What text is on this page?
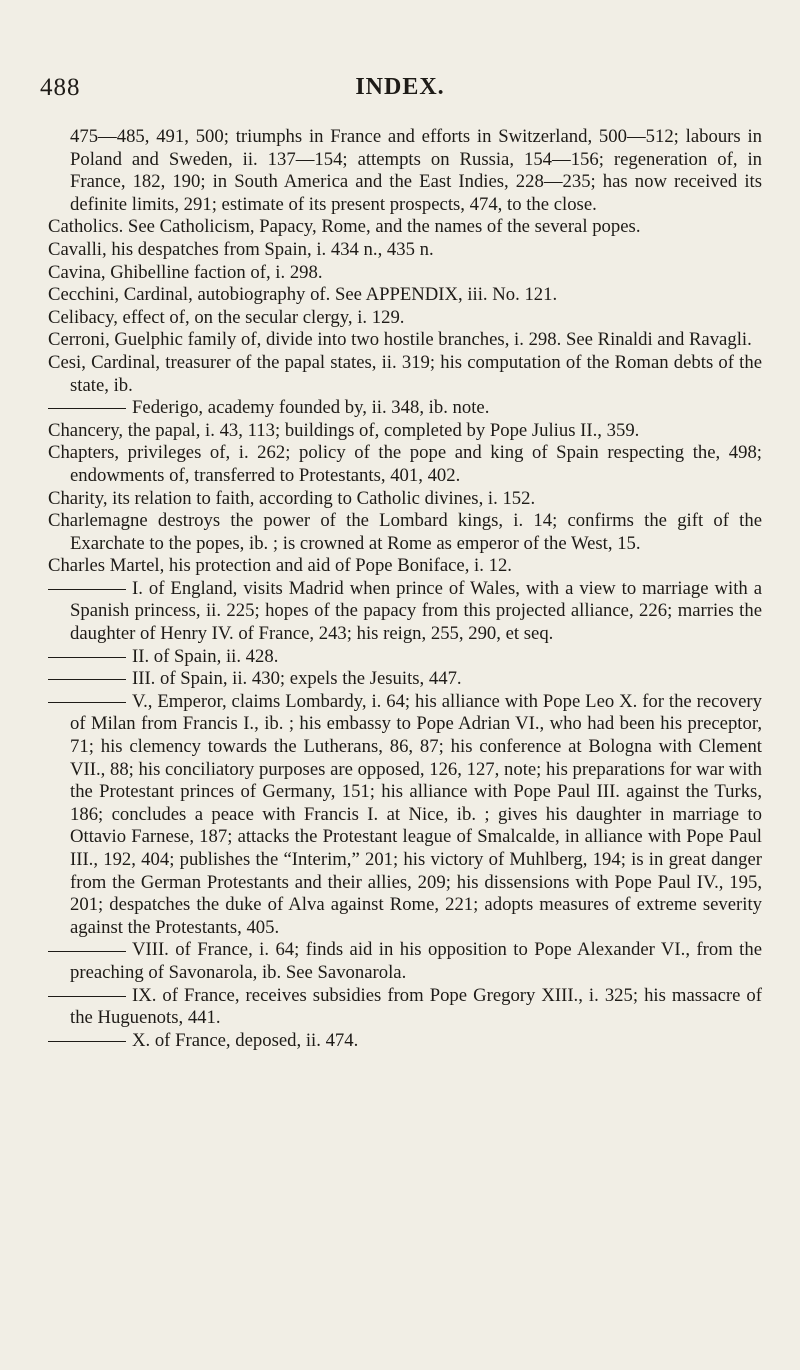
488	INDEX.
475—485, 491, 500; triumphs in France and efforts in Switzerland, 500—512; labours in Poland and Sweden, ii. 137—154; attempts on Russia, 154—156; regeneration of, in France, 182, 190; in South America and the East Indies, 228—235; has now received its definite limits, 291; estimate of its present prospects, 474, to the close.
Catholics. See Catholicism, Papacy, Rome, and the names of the several popes.
Cavalli, his despatches from Spain, i. 434 n., 435 n.
Cavina, Ghibelline faction of, i. 298.
Cecchini, Cardinal, autobiography of. See APPENDIX, iii. No. 121.
Celibacy, effect of, on the secular clergy, i. 129.
Cerroni, Guelphic family of, divide into two hostile branches, i. 298. See Rinaldi and Ravagli.
Cesi, Cardinal, treasurer of the papal states, ii. 319; his computation of the Roman debts of the state, ib.
Federigo, academy founded by, ii. 348, ib. note.
Chancery, the papal, i. 43, 113; buildings of, completed by Pope Julius II., 359.
Chapters, privileges of, i. 262; policy of the pope and king of Spain respecting the, 498; endowments of, transferred to Protestants, 401, 402.
Charity, its relation to faith, according to Catholic divines, i. 152.
Charlemagne destroys the power of the Lombard kings, i. 14; confirms the gift of the Exarchate to the popes, ib. ; is crowned at Rome as emperor of the West, 15.
Charles Martel, his protection and aid of Pope Boniface, i. 12.
I. of England, visits Madrid when prince of Wales, with a view to marriage with a Spanish princess, ii. 225; hopes of the papacy from this projected alliance, 226; marries the daughter of Henry IV. of France, 243; his reign, 255, 290, et seq.
II. of Spain, ii. 428.
III. of Spain, ii. 430; expels the Jesuits, 447.
V., Emperor, claims Lombardy, i. 64; his alliance with Pope Leo X. for the recovery of Milan from Francis I., ib. ; his embassy to Pope Adrian VI., who had been his preceptor, 71; his clemency towards the Lutherans, 86, 87; his conference at Bologna with Clement VII., 88; his conciliatory purposes are opposed, 126, 127, note; his preparations for war with the Protestant princes of Germany, 151; his alliance with Pope Paul III. against the Turks, 186; concludes a peace with Francis I. at Nice, ib. ; gives his daughter in marriage to Ottavio Farnese, 187; attacks the Protestant league of Smalcalde, in alliance with Pope Paul III., 192, 404; publishes the “Interim,” 201; his victory of Muhlberg, 194; is in great danger from the German Protestants and their allies, 209; his dissensions with Pope Paul IV., 195, 201; despatches the duke of Alva against Rome, 221; adopts measures of extreme severity against the Protestants, 405.
VIII. of France, i. 64; finds aid in his opposition to Pope Alexander VI., from the preaching of Savonarola, ib. See Savonarola.
IX. of France, receives subsidies from Pope Gregory XIII., i. 325; his massacre of the Huguenots, 441.
X. of France, deposed, ii. 474.
